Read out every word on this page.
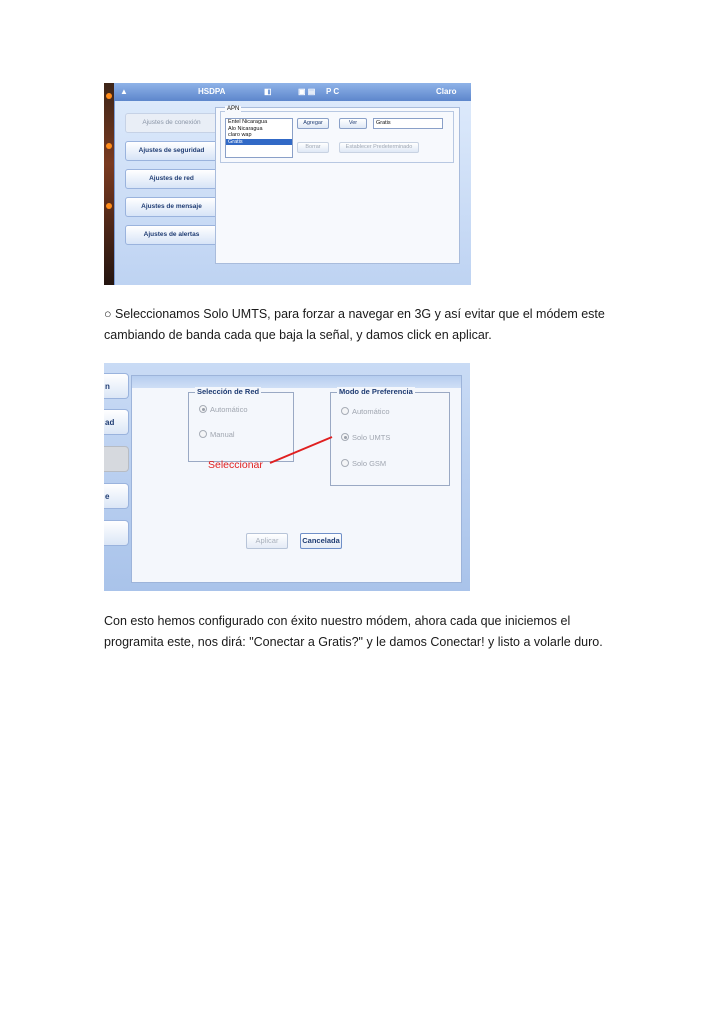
▲	HSDPA	◧	▣ ▤ P C	Claro
Ajustes de conexión
Ajustes de seguridad
Ajustes de red
Ajustes de mensaje
Ajustes de alertas
APN
Entel Nicaragua
Alo Nicaragua
claro wap
Gratis
Agregar	Ver	Gratis
Borrar	Establecer Predeterminado

○ Seleccionamos Solo UMTS, para forzar a navegar en 3G y así evitar que el módem este
cambiando de banda cada que baja la señal, y damos click en aplicar.

n
ad
e
Selección de Red
Automático
Manual
Modo de Preferencia
Automático
Solo UMTS
Solo GSM
Seleccionar
Aplicar	Cancelada

Con esto hemos configurado con éxito nuestro módem, ahora cada que iniciemos el
programita este, nos dirá: "Conectar a Gratis?" y le damos Conectar! y listo a volarle duro.
